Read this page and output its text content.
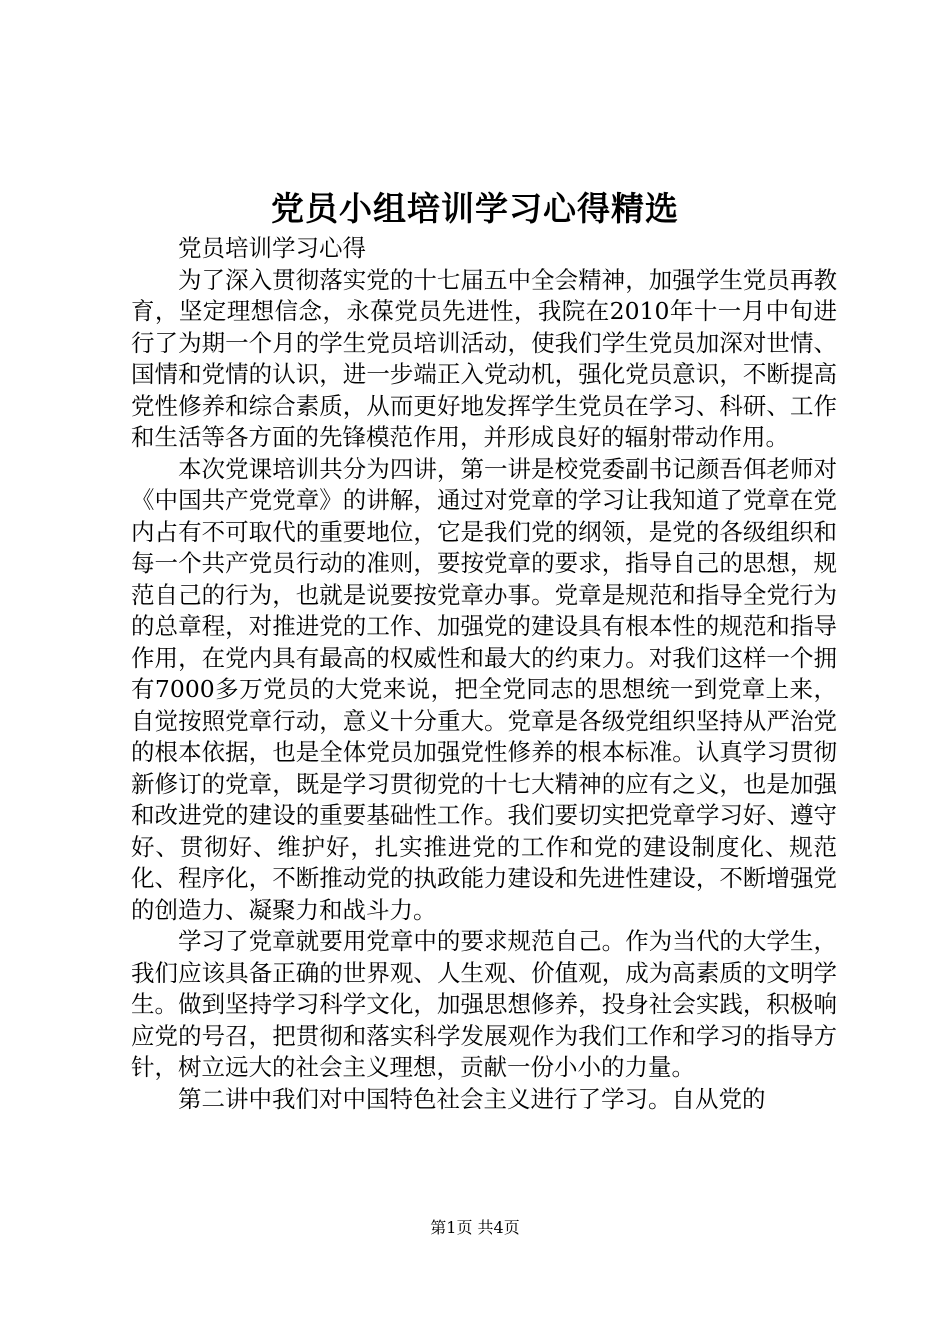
党员小组培训学习心得精选

党员培训学习心得

为了深入贯彻落实党的十七届五中全会精神，加强学生党员再教育，坚定理想信念，永葆党员先进性，我院在2010年十一月中旬进行了为期一个月的学生党员培训活动，使我们学生党员加深对世情、国情和党情的认识，进一步端正入党动机，强化党员意识，不断提高党性修养和综合素质，从而更好地发挥学生党员在学习、科研、工作和生活等各方面的先锋模范作用，并形成良好的辐射带动作用。

本次党课培训共分为四讲，第一讲是校党委副书记颜吾佴老师对《中国共产党党章》的讲解，通过对党章的学习让我知道了党章在党内占有不可取代的重要地位，它是我们党的纲领，是党的各级组织和每一个共产党员行动的准则，要按党章的要求，指导自己的思想，规范自己的行为，也就是说要按党章办事。党章是规范和指导全党行为的总章程，对推进党的工作、加强党的建设具有根本性的规范和指导作用，在党内具有最高的权威性和最大的约束力。对我们这样一个拥有7000多万党员的大党来说，把全党同志的思想统一到党章上来，自觉按照党章行动，意义十分重大。党章是各级党组织坚持从严治党的根本依据，也是全体党员加强党性修养的根本标准。认真学习贯彻新修订的党章，既是学习贯彻党的十七大精神的应有之义，也是加强和改进党的建设的重要基础性工作。我们要切实把党章学习好、遵守好、贯彻好、维护好，扎实推进党的工作和党的建设制度化、规范化、程序化，不断推动党的执政能力建设和先进性建设，不断增强党的创造力、凝聚力和战斗力。

学习了党章就要用党章中的要求规范自己。作为当代的大学生，我们应该具备正确的世界观、人生观、价值观，成为高素质的文明学生。做到坚持学习科学文化，加强思想修养，投身社会实践，积极响应党的号召，把贯彻和落实科学发展观作为我们工作和学习的指导方针，树立远大的社会主义理想，贡献一份小小的力量。

第二讲中我们对中国特色社会主义进行了学习。自从党的

第1页 共4页
